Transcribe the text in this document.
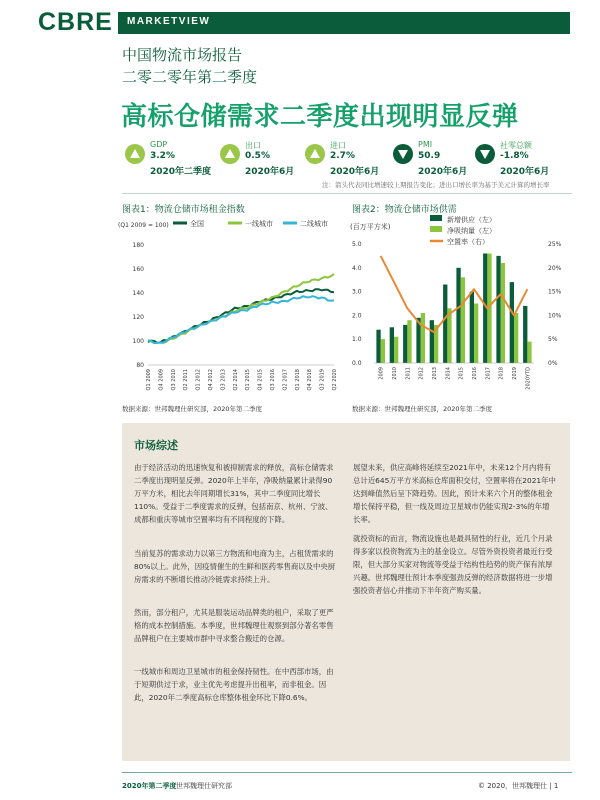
CBRE MARKETVIEW
中国物流市场报告
二零二零年第二季度
高标仓储需求二季度出现明显反弹
GDP
3.2%
2020年二季度
出口
0.5%
2020年6月
进口
2.7%
2020年6月
PMI
50.9
2020年6月
社零总额
-1.8%
2020年6月
注：箭头代表同比增速较上期报告变化；进出口增长率为基于美元计算的增长率
图表1：物流仓储市场租金指数	图表2：物流仓储市场供需
(Q1 2009 = 100)	全国	一线城市	二线城市
80
100
120
140
160
180
Q1 2009 Q4 2009 Q3 2010 Q2 2011 Q1 2012 Q4 2012 Q3 2013 Q2 2014 Q1 2015 Q4 2015 Q3 2016 Q2 2017 Q1 2018 Q4 2018 Q3 2019 Q2 2020
(百万平方米)
新增供应（左）
净吸纳量（左）
空置率（右）
0.0
1.0
2.0
3.0
4.0
5.0
0%
5%
10%
15%
20%
25%
2009 2010 2011 2012 2013 2014 2015 2016 2017 2018 2019 2020YTD
数据来源：世邦魏理仕研究部，2020年第二季度	数据来源：世邦魏理仕研究部，2020年第二季度
市场综述

由于经济活动的迅速恢复和被抑制需求的释放，高标仓储需求二季度出现明显反弹。2020年上半年，净吸纳量累计录得90万平方米，相比去年同期增长31%，其中二季度同比增长110%。受益于二季度需求的反弹，包括南京、杭州、宁波、成都和重庆等城市空置率均有不同程度的下降。

当前复苏的需求动力以第三方物流和电商为主，占租赁需求的80%以上。此外，因疫情催生的生鲜和医药零售商以及中央厨房需求的不断增长推动冷链需求持续上升。

然而，部分租户，尤其是服装运动品牌类的租户，采取了更严格的成本控制措施。本季度，世邦魏理仕观察到部分著名零售品牌租户在主要城市群中寻求整合搬迁的仓源。

一线城市和周边卫星城市的租金保持韧性。在中西部市场，由于短期供过于求，业主优先考虑提升出租率，而非租金。因此，2020年二季度高标仓库整体租金环比下降0.6%。

展望未来，供应高峰将延续至2021年中，未来12个月内将有总计近645万平方米高标仓库面积交付，空置率将在2021年中达到峰值然后呈下降趋势。因此，预计未来六个月的整体租金增长保持平稳，但一线及周边卫星城市仍能实现2-3%的年增长率。

就投资标的而言，物流设施也是最具韧性的行业，近几个月录得多家以投资物流为主的基金设立。尽管外资投资者最近行受限，但大部分买家对物流等受益于结构性趋势的资产保有浓厚兴趣。世邦魏理仕预计本季度强劲反弹的经济数据将进一步增强投资者信心并推动下半年资产购买量。

2020年第二季度 世邦魏理仕研究部	© 2020，世邦魏理仕 | 1
